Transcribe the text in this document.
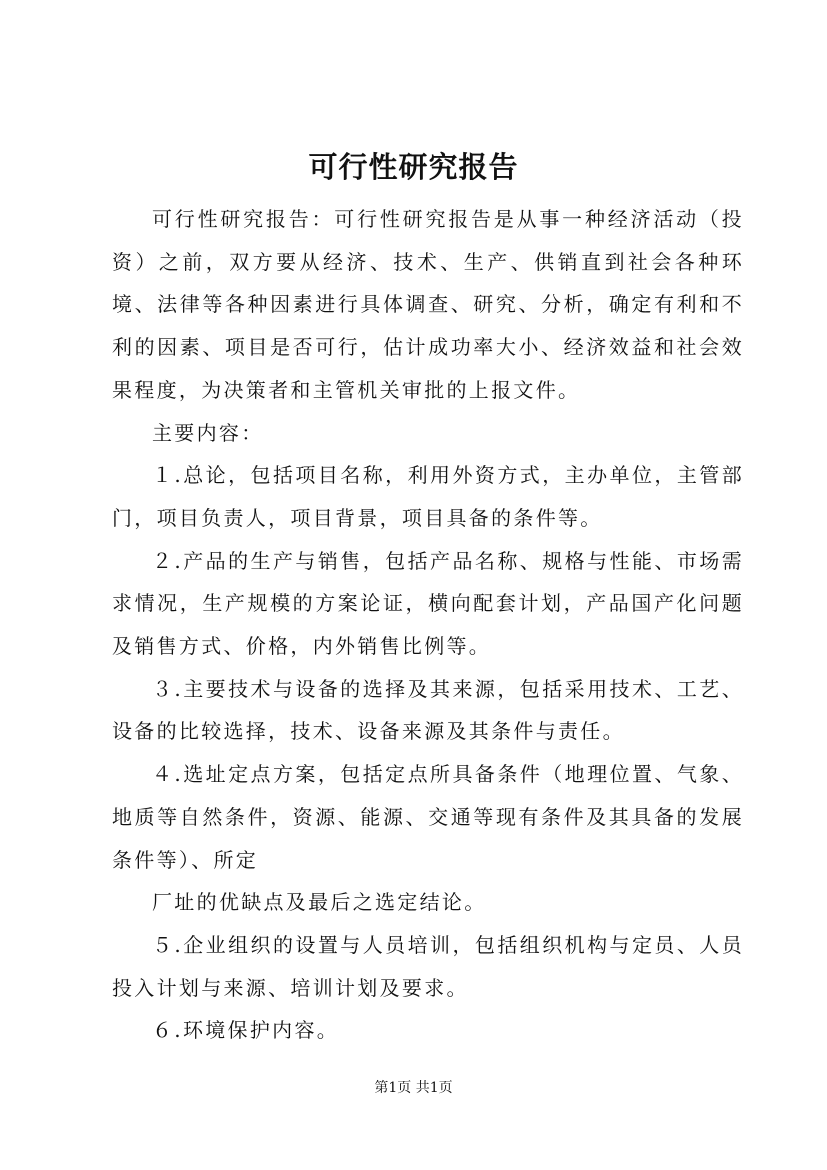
可行性研究报告

可行性研究报告：可行性研究报告是从事一种经济活动（投资）之前，双方要从经济、技术、生产、供销直到社会各种环境、法律等各种因素进行具体调查、研究、分析，确定有利和不利的因素、项目是否可行，估计成功率大小、经济效益和社会效果程度，为决策者和主管机关审批的上报文件。

主要内容：

１.总论，包括项目名称，利用外资方式，主办单位，主管部门，项目负责人，项目背景，项目具备的条件等。

２.产品的生产与销售，包括产品名称、规格与性能、市场需求情况，生产规模的方案论证，横向配套计划，产品国产化问题及销售方式、价格，内外销售比例等。

３.主要技术与设备的选择及其来源，包括采用技术、工艺、设备的比较选择，技术、设备来源及其条件与责任。

４.选址定点方案，包括定点所具备条件（地理位置、气象、地质等自然条件，资源、能源、交通等现有条件及其具备的发展条件等）、所定

厂址的优缺点及最后之选定结论。

５.企业组织的设置与人员培训，包括组织机构与定员、人员投入计划与来源、培训计划及要求。

６.环境保护内容。

第1页 共1页
